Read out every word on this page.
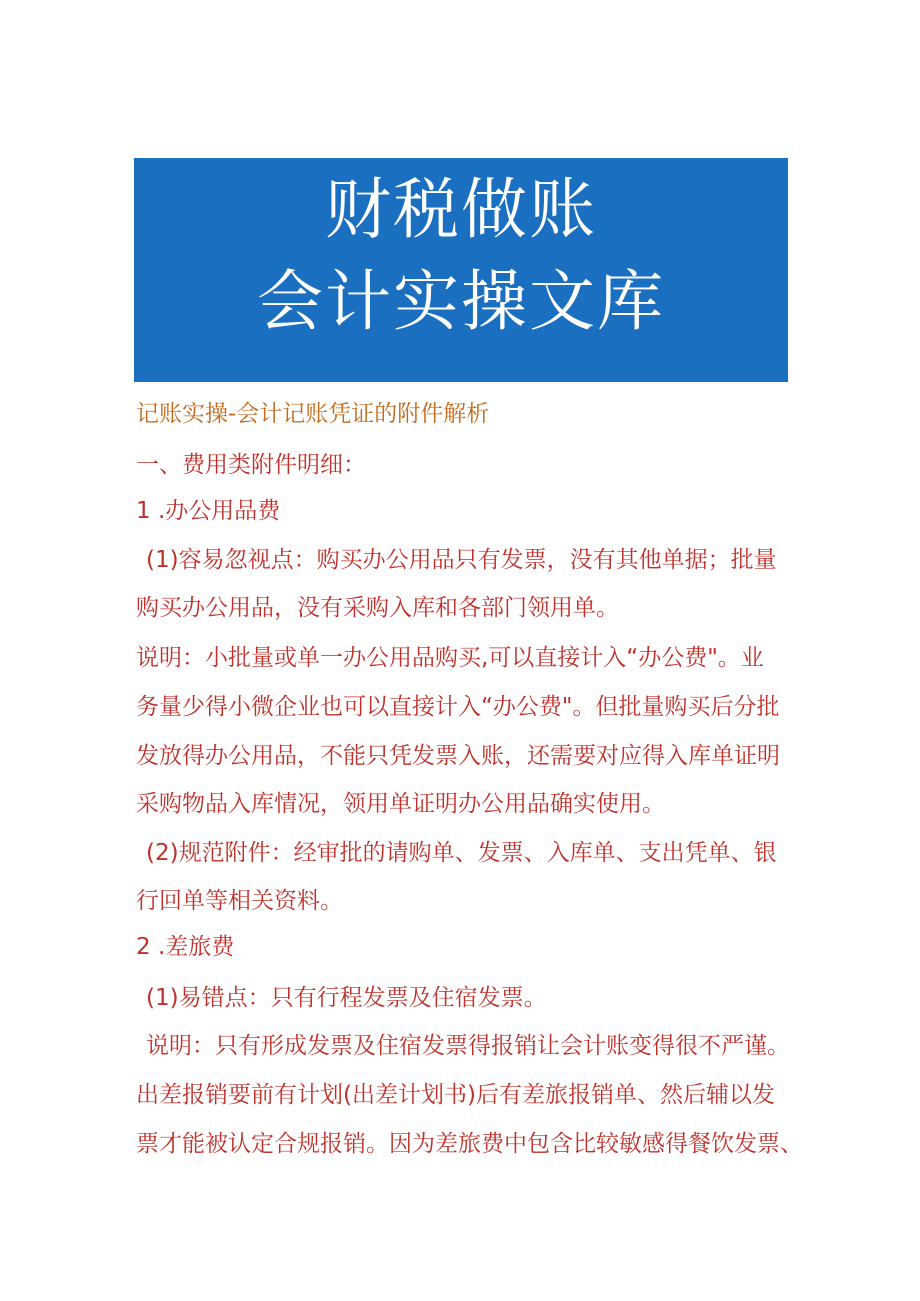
财税做账
会计实操文库
记账实操-会计记账凭证的附件解析
一、费用类附件明细：
1 .办公用品费
(1)容易忽视点：购买办公用品只有发票，没有其他单据；批量
购买办公用品，没有采购入库和各部门领用单。
说明：小批量或单一办公用品购买,可以直接计入“办公费"。业
务量少得小微企业也可以直接计入“办公费"。但批量购买后分批
发放得办公用品，不能只凭发票入账，还需要对应得入库单证明
采购物品入库情况，领用单证明办公用品确实使用。
(2)规范附件：经审批的请购单、发票、入库单、支出凭单、银
行回单等相关资料。
2 .差旅费
(1)易错点：只有行程发票及住宿发票。
说明：只有形成发票及住宿发票得报销让会计账变得很不严谨。
出差报销要前有计划(出差计划书)后有差旅报销单、然后辅以发
票才能被认定合规报销。因为差旅费中包含比较敏感得餐饮发票、
